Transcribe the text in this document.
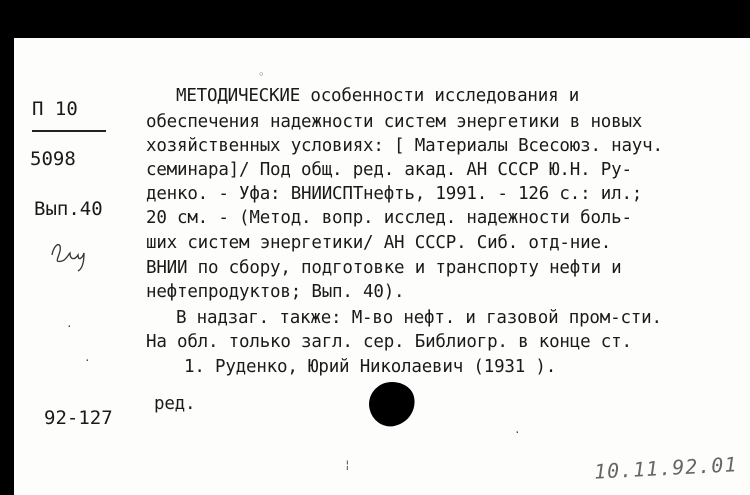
П 10
5098
Вып.40
92-127
МЕТОДИЧЕСКИЕ особенности исследования и
обеспечения надежности систем энергетики в новых
хозяйственных условиях: [ Материалы Всесоюз. науч.
семинара]/ Под общ. ред. акад. АН СССР Ю.Н. Ру-
денко. - Уфа: ВНИИСПТнефть, 1991. - 126 с.: ил.;
20 см. - (Метод. вопр. исслед. надежности боль-
ших систем энергетики/ АН СССР. Сиб. отд-ние.
ВНИИ по сбору, подготовке и транспорту нефти и
нефтепродуктов; Вып. 40).
В надзаг. также: М-во нефт. и газовой пром-сти.
На обл. только загл. сер. Библиогр. в конце ст.
1. Руденко, Юрий Николаевич (1931 ).
ред.
10.11.92.01
◦
·
·
·
¦
